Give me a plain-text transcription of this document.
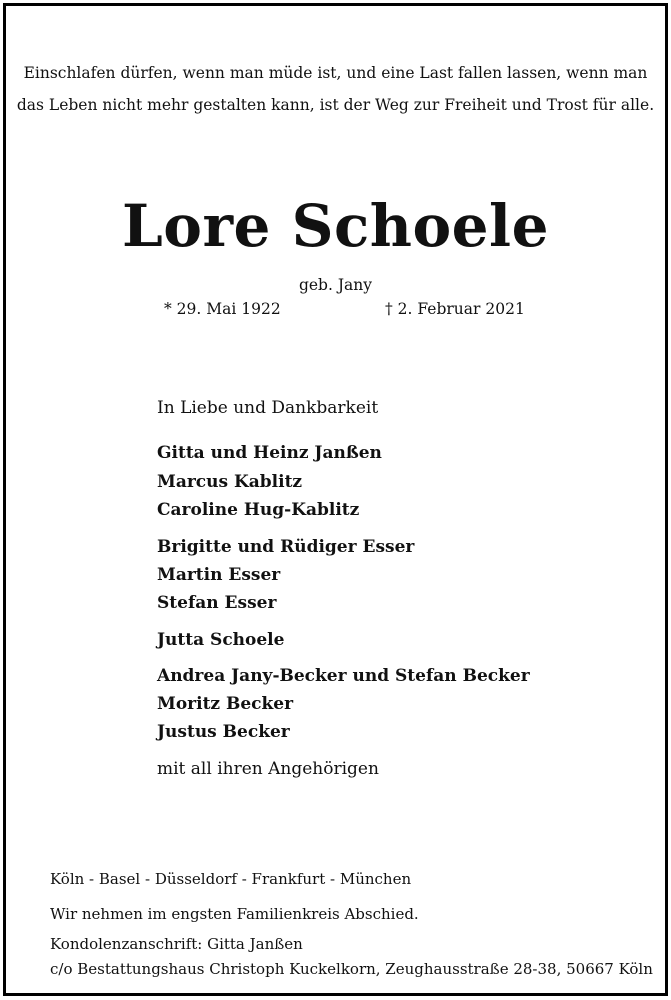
Einschlafen dürfen, wenn man müde ist, und eine Last fallen lassen, wenn man
das Leben nicht mehr gestalten kann, ist der Weg zur Freiheit und Trost für alle.
Lore Schoele
geb. Jany
* 29. Mai 1922	† 2. Februar 2021
In Liebe und Dankbarkeit
Gitta und Heinz Janßen
Marcus Kablitz
Caroline Hug-Kablitz
Brigitte und Rüdiger Esser
Martin Esser
Stefan Esser
Jutta Schoele
Andrea Jany-Becker und Stefan Becker
Moritz Becker
Justus Becker
mit all ihren Angehörigen
Köln - Basel - Düsseldorf - Frankfurt - München
Wir nehmen im engsten Familienkreis Abschied.
Kondolenzanschrift: Gitta Janßen
c/o Bestattungshaus Christoph Kuckelkorn, Zeughausstraße 28-38, 50667 Köln
